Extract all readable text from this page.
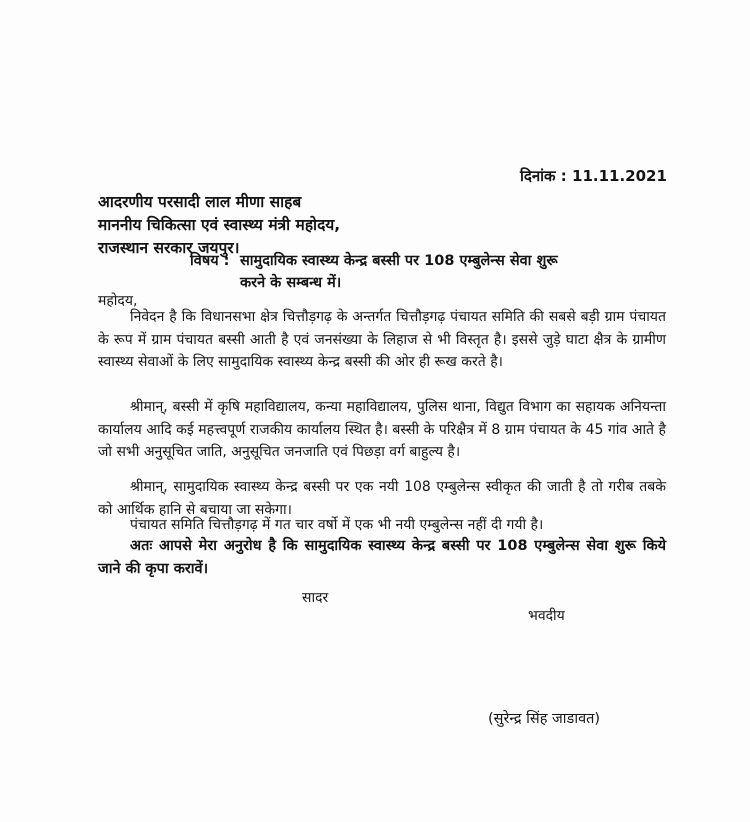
दिनांक : 11.11.2021
आदरणीय परसादी लाल मीणा साहब
माननीय चिकित्सा एवं स्वास्थ्य मंत्री महोदय,
राजस्थान सरकार जयपुर।
विषय : सामुदायिक स्वास्थ्य केन्द्र बस्सी पर 108 एम्बुलेन्स सेवा शुरू
करने के सम्बन्ध में।
महोदय,
निवेदन है कि विधानसभा क्षेत्र चित्तौड़गढ़ के अन्तर्गत चित्तौड़गढ़ पंचायत समिति की सबसे बड़ी ग्राम पंचायत के रूप में ग्राम पंचायत बस्सी आती है एवं जनसंख्या के लिहाज से भी विस्तृत है। इससे जुड़े घाटा क्षैत्र के ग्रामीण स्वास्थ्य सेवाओं के लिए सामुदायिक स्वास्थ्य केन्द्र बस्सी की ओर ही रूख करते है।
श्रीमान्, बस्सी में कृषि महाविद्यालय, कन्या महाविद्यालय, पुलिस थाना, विद्युत विभाग का सहायक अनियन्ता कार्यालय आदि कई महत्त्वपूर्ण राजकीय कार्यालय स्थित है। बस्सी के परिक्षैत्र में 8 ग्राम पंचायत के 45 गांव आते है जो सभी अनुसूचित जाति, अनुसूचित जनजाति एवं पिछड़ा वर्ग बाहुल्य है।
श्रीमान्, सामुदायिक स्वास्थ्य केन्द्र बस्सी पर एक नयी 108 एम्बुलेन्स स्वीकृत की जाती है तो गरीब तबके को आर्थिक हानि से बचाया जा सकेगा।
पंचायत समिति चित्तौड़गढ़ में गत चार वर्षो में एक भी नयी एम्बुलेन्स नहीं दी गयी है।
अतः आपसे मेरा अनुरोध है कि सामुदायिक स्वास्थ्य केन्द्र बस्सी पर 108 एम्बुलेन्स सेवा शुरू किये जाने की कृपा करावें।
सादर
भवदीय
(सुरेन्द्र सिंह जाडावत)
